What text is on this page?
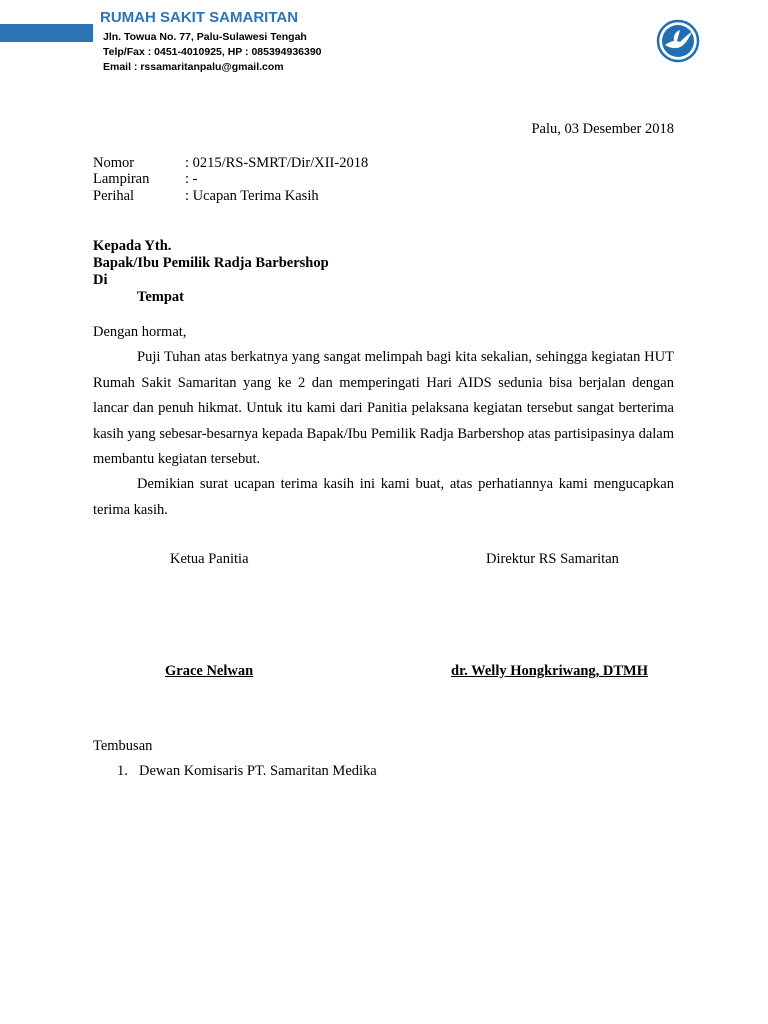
RUMAH SAKIT SAMARITAN
Jln. Towua No. 77, Palu-Sulawesi Tengah
Telp/Fax : 0451-4010925, HP : 085394936390
Email : rssamaritanpalu@gmail.com
Palu, 03 Desember 2018
Nomor	: 0215/RS-SMRT/Dir/XII-2018
Lampiran : -
Perihal	: Ucapan Terima Kasih
Kepada Yth.
Bapak/Ibu Pemilik Radja Barbershop
Di
Tempat
Dengan hormat,
Puji Tuhan atas berkatnya yang sangat melimpah bagi kita sekalian, sehingga kegiatan HUT Rumah Sakit Samaritan yang ke 2 dan memperingati Hari AIDS sedunia bisa berjalan dengan lancar dan penuh hikmat. Untuk itu kami dari Panitia pelaksana kegiatan tersebut sangat berterima kasih yang sebesar-besarnya kepada Bapak/Ibu Pemilik Radja Barbershop atas partisipasinya dalam membantu kegiatan tersebut.
Demikian surat ucapan terima kasih ini kami buat, atas perhatiannya kami mengucapkan terima kasih.
Ketua Panitia	Direktur RS Samaritan
Grace Nelwan	dr. Welly Hongkriwang, DTMH
Tembusan
1. Dewan Komisaris PT. Samaritan Medika
